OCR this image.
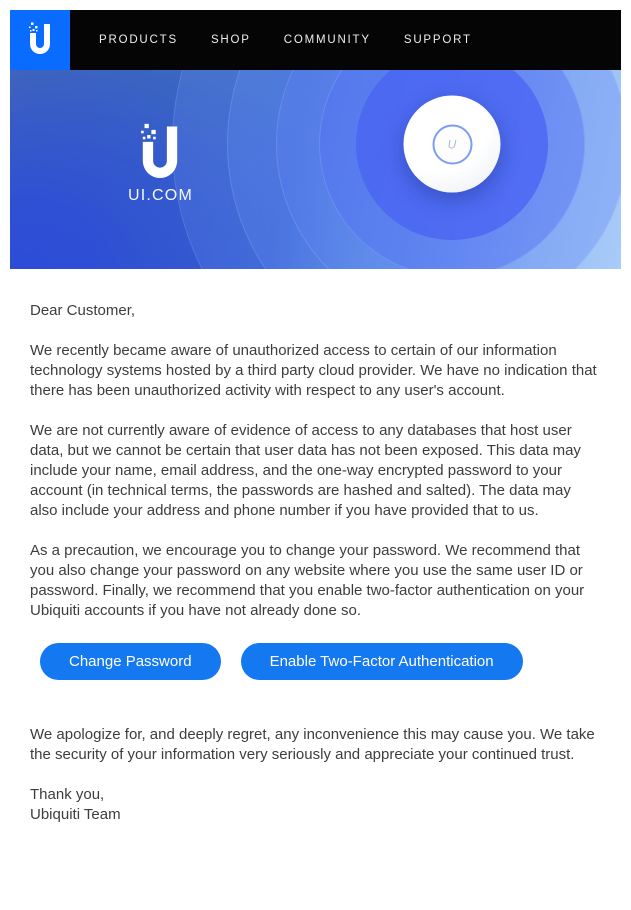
PRODUCTS	SHOP	COMMUNITY	SUPPORT
U
UI.COM

Dear Customer,

We recently became aware of unauthorized access to certain of our information technology systems hosted by a third party cloud provider. We have no indication that there has been unauthorized activity with respect to any user's account.

We are not currently aware of evidence of access to any databases that host user data, but we cannot be certain that user data has not been exposed. This data may include your name, email address, and the one-way encrypted password to your account (in technical terms, the passwords are hashed and salted). The data may also include your address and phone number if you have provided that to us.

As a precaution, we encourage you to change your password. We recommend that you also change your password on any website where you use the same user ID or password. Finally, we recommend that you enable two-factor authentication on your Ubiquiti accounts if you have not already done so.

Change Password	Enable Two-Factor Authentication

We apologize for, and deeply regret, any inconvenience this may cause you. We take the security of your information very seriously and appreciate your continued trust.

Thank you,
Ubiquiti Team
